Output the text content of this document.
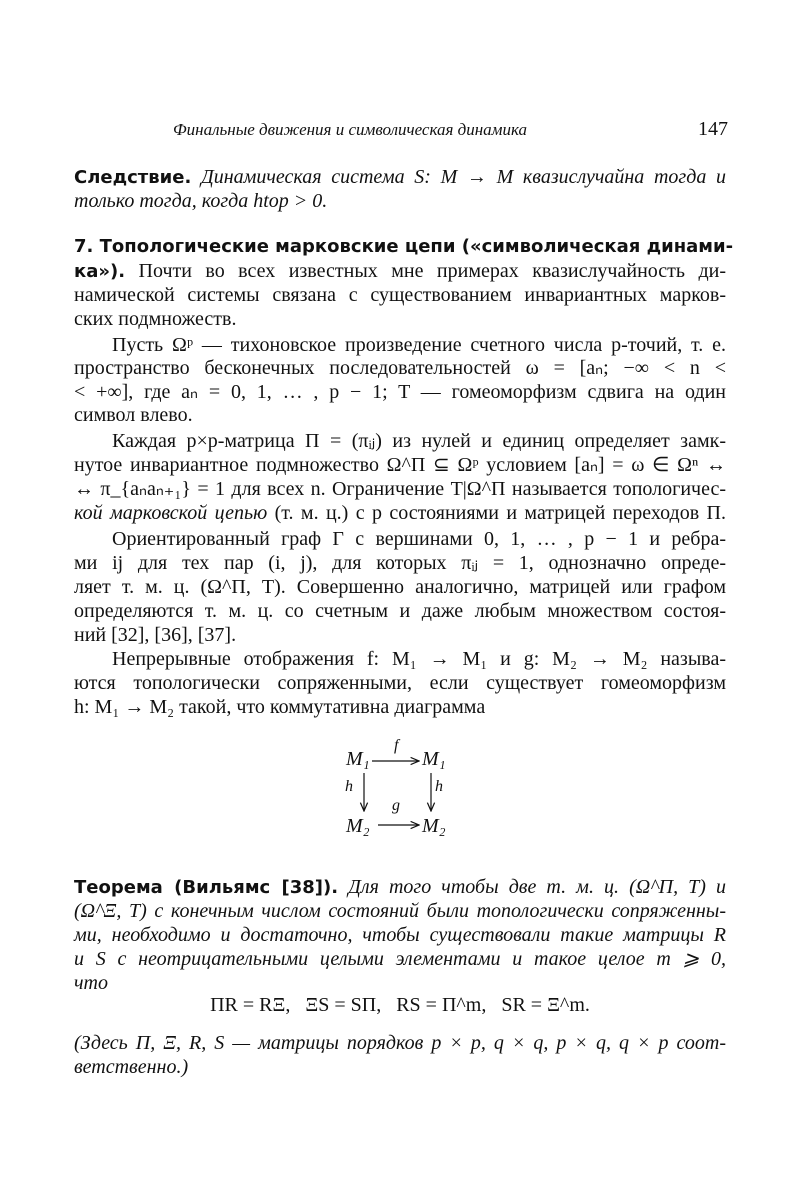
Финальные движения и символическая динамика	147
Следствие. Динамическая система S: M → M квазислучайна тогда и
только тогда, когда htop > 0.
7. Топологические марковские цепи («символическая динами-
ка»). Почти во всех известных мне примерах квазислучайность ди-
намической системы связана с существованием инвариантных марков-
ских подмножеств.
Пусть Ωᵖ — тихоновское произведение счетного числа p-точий, т. е.
пространство бесконечных последовательностей ω = [aₙ; −∞ < n <
< +∞], где aₙ = 0, 1, … , p − 1; T — гомеоморфизм сдвига на один
символ влево.
Каждая p×p-матрица Π = (πᵢⱼ) из нулей и единиц определяет замк-
нутое инвариантное подмножество Ω^Π ⊆ Ωᵖ условием [aₙ] = ω ∈ Ωⁿ ↔
↔ π_{aₙaₙ₊₁} = 1 для всех n. Ограничение T|Ω^Π называется топологичес-
кой марковской цепью (т. м. ц.) с p состояниями и матрицей переходов Π.
Ориентированный граф Γ с вершинами 0, 1, … , p − 1 и ребра-
ми ij для тех пар (i, j), для которых πᵢⱼ = 1, однозначно опреде-
ляет т. м. ц. (Ω^Π, T). Совершенно аналогично, матрицей или графом
определяются т. м. ц. со счетным и даже любым множеством состоя-
ний [32], [36], [37].
Непрерывные отображения f: M₁ → M₁ и g: M₂ → M₂ называ-
ются топологически сопряженными, если существует гомеоморфизм
h: M₁ → M₂ такой, что коммутативна диаграмма
M₁	M₁
M₂	M₂
f
g
h	h
Теорема (Вильямс [38]). Для того чтобы две т. м. ц. (Ω^Π, T) и
(Ω^Ξ, T) с конечным числом состояний были топологически сопряженны-
ми, необходимо и достаточно, чтобы существовали такие матрицы R
и S с неотрицательными целыми элементами и такое целое m ⩾ 0,
что
ΠR = RΞ,   ΞS = SΠ,   RS = Π^m,   SR = Ξ^m.
(Здесь Π, Ξ, R, S — матрицы порядков p × p, q × q, p × q, q × p соот-
ветственно.)
